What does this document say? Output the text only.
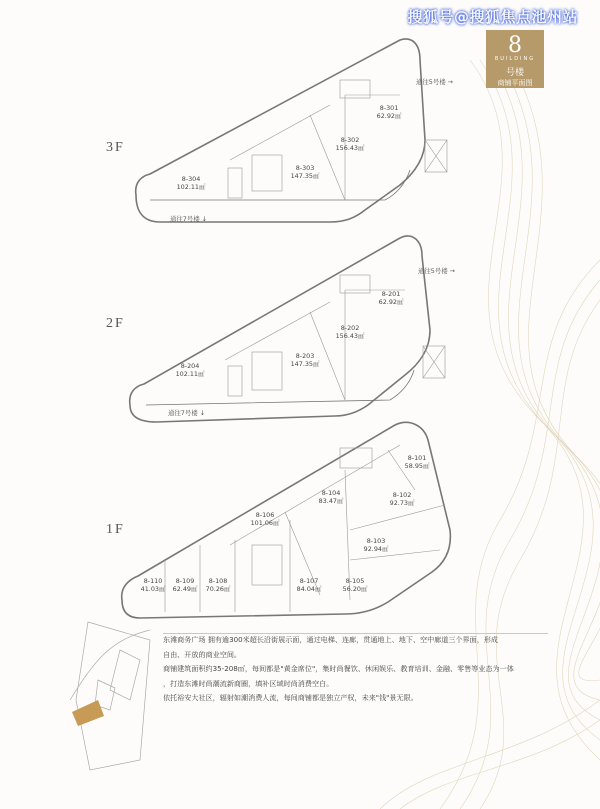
搜狐号@搜狐焦点池州站
8
BUILDING
号楼
商铺平面图
3F
2F
1F
通往5号楼 →
通往7号楼 ↓
通往5号楼 →
通往7号楼 ↓
8-301
62.92㎡
8-302
156.43㎡
8-303
147.35㎡
8-304
102.11㎡
8-201
62.92㎡
8-202
156.43㎡
8-203
147.35㎡
8-204
102.11㎡
8-101
58.95㎡
8-102
92.73㎡
8-103
92.94㎡
8-104
83.47㎡
8-105
56.20㎡
8-106
101.06㎡
8-107
84.04㎡
8-108
70.26㎡
8-109
62.49㎡
8-110
41.03㎡

东滩商务广场 拥有逾300米超长沿街展示面，通过电梯、连廊，贯通地上、地下、空中廊道三个界面，形成

自由、开放的商业空间。

商铺建筑面积约35-208㎡，每间都是"黄金席位"，集时尚餐饮、休闲娱乐、教育培训、金融、零售等业态为一体

，打造东滩时尚潮流新商圈，填补区域时尚消费空白。

依托裕安大社区，辐射如潮消费人流，每间商铺都是独立产权，未来"钱"景无限。
